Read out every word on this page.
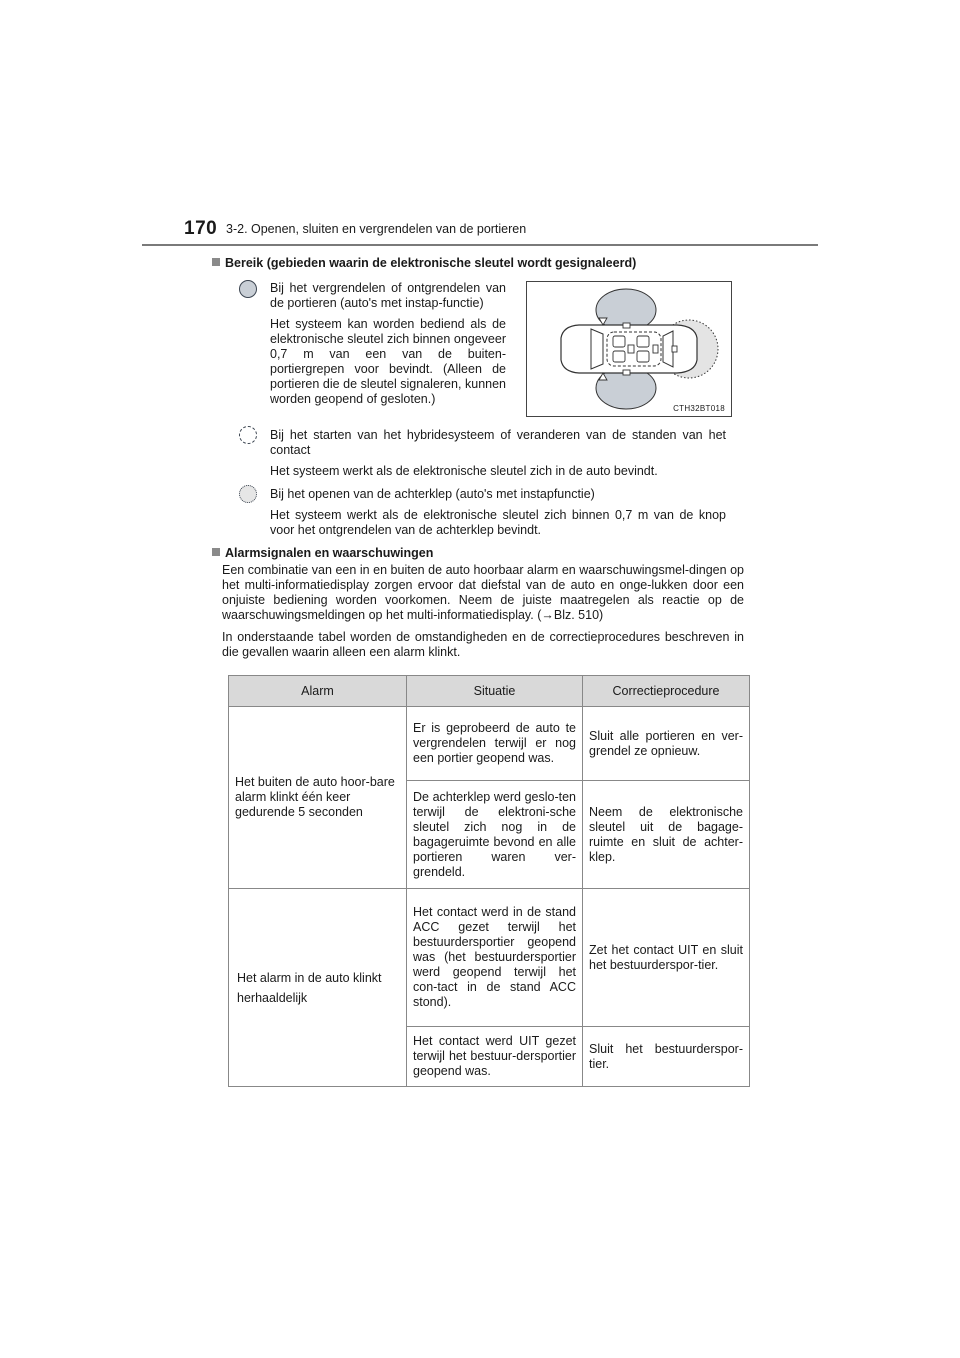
170 3-2. Openen, sluiten en vergrendelen van de portieren
Bereik (gebieden waarin de elektronische sleutel wordt gesignaleerd)
Bij het vergrendelen of ontgrendelen van de portieren (auto's met instap-functie)
Het systeem kan worden bediend als de elektronische sleutel zich binnen ongeveer 0,7 m van een van de buiten-portiergrepen voor bevindt. (Alleen de portieren die de sleutel signaleren, kunnen worden geopend of gesloten.)
CTH32BT018
Bij het starten van het hybridesysteem of veranderen van de standen van het contact
Het systeem werkt als de elektronische sleutel zich in de auto bevindt.
Bij het openen van de achterklep (auto's met instapfunctie)
Het systeem werkt als de elektronische sleutel zich binnen 0,7 m van de knop voor het ontgrendelen van de achterklep bevindt.
Alarmsignalen en waarschuwingen
Een combinatie van een in en buiten de auto hoorbaar alarm en waarschuwingsmel-dingen op het multi-informatiedisplay zorgen ervoor dat diefstal van de auto en onge-lukken door een onjuiste bediening worden voorkomen. Neem de juiste maatregelen als reactie op de waarschuwingsmeldingen op het multi-informatiedisplay. (→Blz. 510)
In onderstaande tabel worden de omstandigheden en de correctieprocedures beschreven in die gevallen waarin alleen een alarm klinkt.
Alarm	Situatie	Correctieprocedure
Het buiten de auto hoor-bare alarm klinkt één keer gedurende 5 seconden	Er is geprobeerd de auto te vergrendelen terwijl er nog een portier geopend was.	Sluit alle portieren en ver-grendel ze opnieuw.
	De achterklep werd geslo-ten terwijl de elektroni-sche sleutel zich nog in de bagageruimte bevond en alle portieren waren ver-grendeld.	Neem de elektronische sleutel uit de bagage-ruimte en sluit de achter-klep.
Het alarm in de auto klinkt herhaaldelijk	Het contact werd in de stand ACC gezet terwijl het bestuurdersportier geopend was (het bestuurdersportier werd geopend terwijl het con-tact in de stand ACC stond).	Zet het contact UIT en sluit het bestuurderspor-tier.
	Het contact werd UIT gezet terwijl het bestuur-dersportier geopend was.	Sluit het bestuurderspor-tier.
